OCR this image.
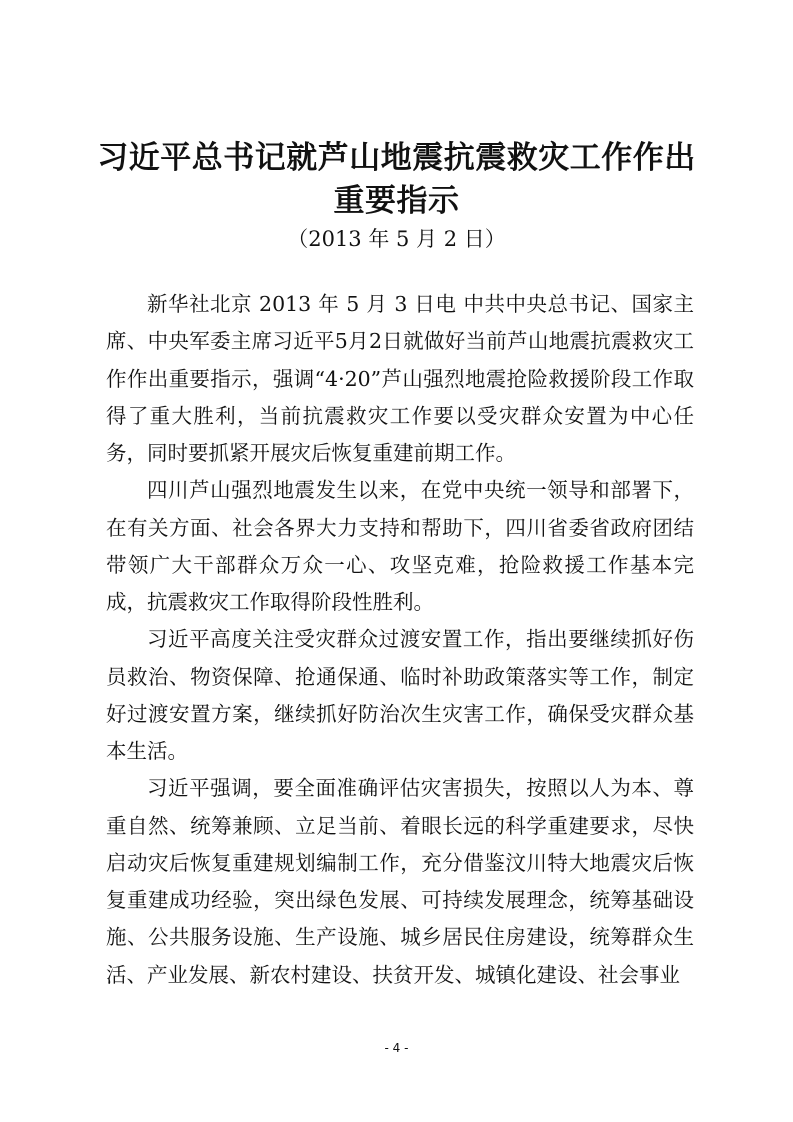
习近平总书记就芦山地震抗震救灾工作作出
重要指示
（2013 年 5 月 2 日）

新华社北京 2013 年 5 月 3 日电 中共中央总书记、国家主席、中央军委主席习近平5月2日就做好当前芦山地震抗震救灾工作作出重要指示，强调“4·20”芦山强烈地震抢险救援阶段工作取得了重大胜利，当前抗震救灾工作要以受灾群众安置为中心任务，同时要抓紧开展灾后恢复重建前期工作。

四川芦山强烈地震发生以来，在党中央统一领导和部署下，在有关方面、社会各界大力支持和帮助下，四川省委省政府团结带领广大干部群众万众一心、攻坚克难，抢险救援工作基本完成，抗震救灾工作取得阶段性胜利。

习近平高度关注受灾群众过渡安置工作，指出要继续抓好伤员救治、物资保障、抢通保通、临时补助政策落实等工作，制定好过渡安置方案，继续抓好防治次生灾害工作，确保受灾群众基本生活。

习近平强调，要全面准确评估灾害损失，按照以人为本、尊重自然、统筹兼顾、立足当前、着眼长远的科学重建要求，尽快启动灾后恢复重建规划编制工作，充分借鉴汶川特大地震灾后恢复重建成功经验，突出绿色发展、可持续发展理念，统筹基础设施、公共服务设施、生产设施、城乡居民住房建设，统筹群众生活、产业发展、新农村建设、扶贫开发、城镇化建设、社会事业

- 4 -
